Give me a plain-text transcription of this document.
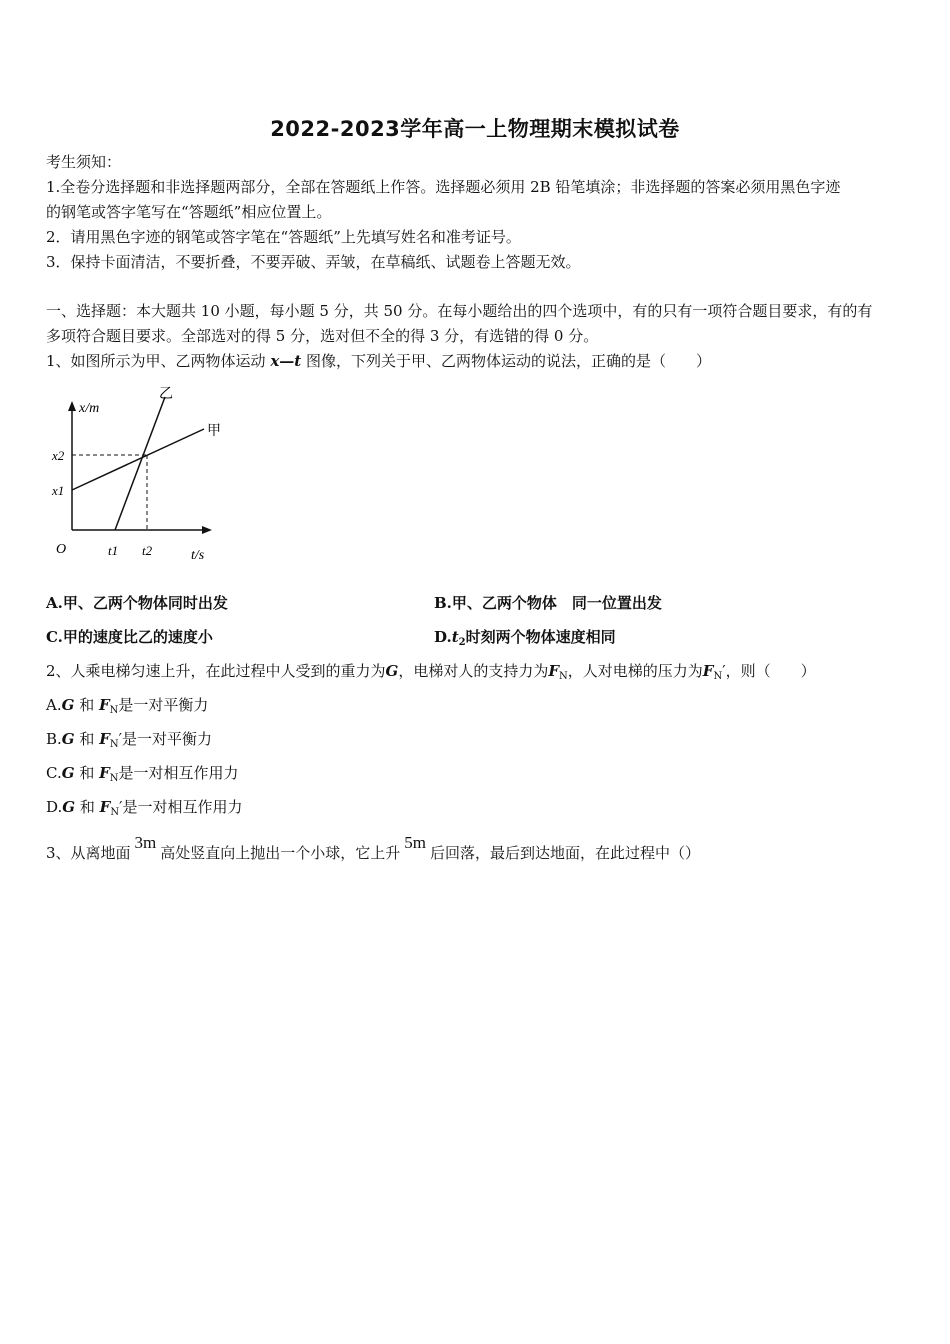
2022-2023学年高一上物理期末模拟试卷
考生须知：
1.全卷分选择题和非选择题两部分，全部在答题纸上作答。选择题必须用 2B 铅笔填涂；非选择题的答案必须用黑色字迹
的钢笔或答字笔写在“答题纸”相应位置上。
2．请用黑色字迹的钢笔或答字笔在“答题纸”上先填写姓名和准考证号。
3．保持卡面清洁，不要折叠，不要弄破、弄皱，在草稿纸、试题卷上答题无效。
一、选择题：本大题共 10 小题，每小题 5 分，共 50 分。在每小题给出的四个选项中，有的只有一项符合题目要求，有的有
多项符合题目要求。全部选对的得 5 分，选对但不全的得 3 分，有选错的得 0 分。
1、如图所示为甲、乙两物体运动 x—t 图像，下列关于甲、乙两物体运动的说法，正确的是（　　）
x/m
x2
x1
O	t1 t2	t/s
甲
乙
A.甲、乙两个物体同时出发	B.甲、乙两个物体　同一位置出发
C.甲的速度比乙的速度小	$D.t_2$时刻两个物体速度相同
2、人乘电梯匀速上升，在此过程中人受到的重力为G，电梯对人的支持力为$F_N$，人对电梯的压力为$F_N'$，则（　　）
A.G 和 $F_N$是一对平衡力
B.G 和 $F_N'$是一对平衡力
C.G 和 $F_N$是一对相互作用力
D.G 和 $F_N'$是一对相互作用力
3、从离地面3m高处竖直向上抛出一个小球，它上升5m后回落，最后到达地面，在此过程中（）
